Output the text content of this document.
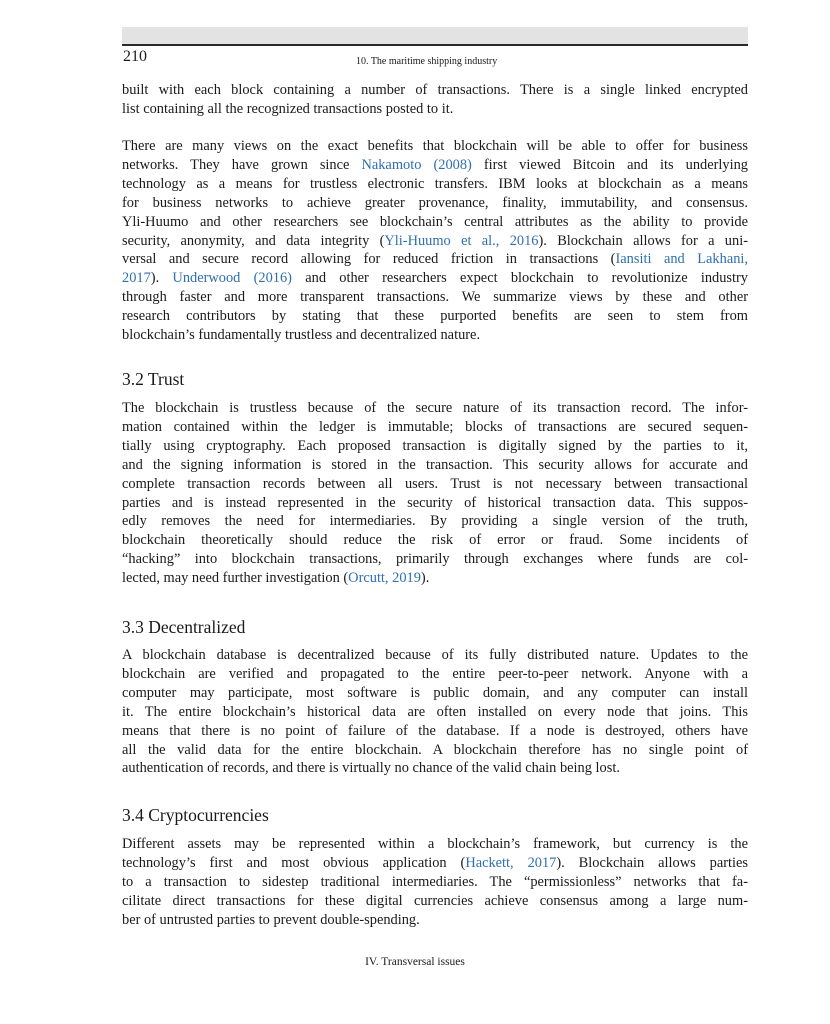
210	10. The maritime shipping industry

built with each block containing a number of transactions. There is a single linked encrypted
list containing all the recognized transactions posted to it.

There are many views on the exact benefits that blockchain will be able to offer for business
networks. They have grown since Nakamoto (2008) first viewed Bitcoin and its underlying
technology as a means for trustless electronic transfers. IBM looks at blockchain as a means
for business networks to achieve greater provenance, finality, immutability, and consensus.
Yli-Huumo and other researchers see blockchain’s central attributes as the ability to provide
security, anonymity, and data integrity (Yli-Huumo et al., 2016). Blockchain allows for a uni-
versal and secure record allowing for reduced friction in transactions (Iansiti and Lakhani,
2017). Underwood (2016) and other researchers expect blockchain to revolutionize industry
through faster and more transparent transactions. We summarize views by these and other
research contributors by stating that these purported benefits are seen to stem from
blockchain’s fundamentally trustless and decentralized nature.

3.2 Trust

The blockchain is trustless because of the secure nature of its transaction record. The infor-
mation contained within the ledger is immutable; blocks of transactions are secured sequen-
tially using cryptography. Each proposed transaction is digitally signed by the parties to it,
and the signing information is stored in the transaction. This security allows for accurate and
complete transaction records between all users. Trust is not necessary between transactional
parties and is instead represented in the security of historical transaction data. This suppos-
edly removes the need for intermediaries. By providing a single version of the truth,
blockchain theoretically should reduce the risk of error or fraud. Some incidents of
“hacking” into blockchain transactions, primarily through exchanges where funds are col-
lected, may need further investigation (Orcutt, 2019).

3.3 Decentralized

A blockchain database is decentralized because of its fully distributed nature. Updates to the
blockchain are verified and propagated to the entire peer-to-peer network. Anyone with a
computer may participate, most software is public domain, and any computer can install
it. The entire blockchain’s historical data are often installed on every node that joins. This
means that there is no point of failure of the database. If a node is destroyed, others have
all the valid data for the entire blockchain. A blockchain therefore has no single point of
authentication of records, and there is virtually no chance of the valid chain being lost.

3.4 Cryptocurrencies

Different assets may be represented within a blockchain’s framework, but currency is the
technology’s first and most obvious application (Hackett, 2017). Blockchain allows parties
to a transaction to sidestep traditional intermediaries. The “permissionless” networks that fa-
cilitate direct transactions for these digital currencies achieve consensus among a large num-
ber of untrusted parties to prevent double-spending.

IV. Transversal issues
